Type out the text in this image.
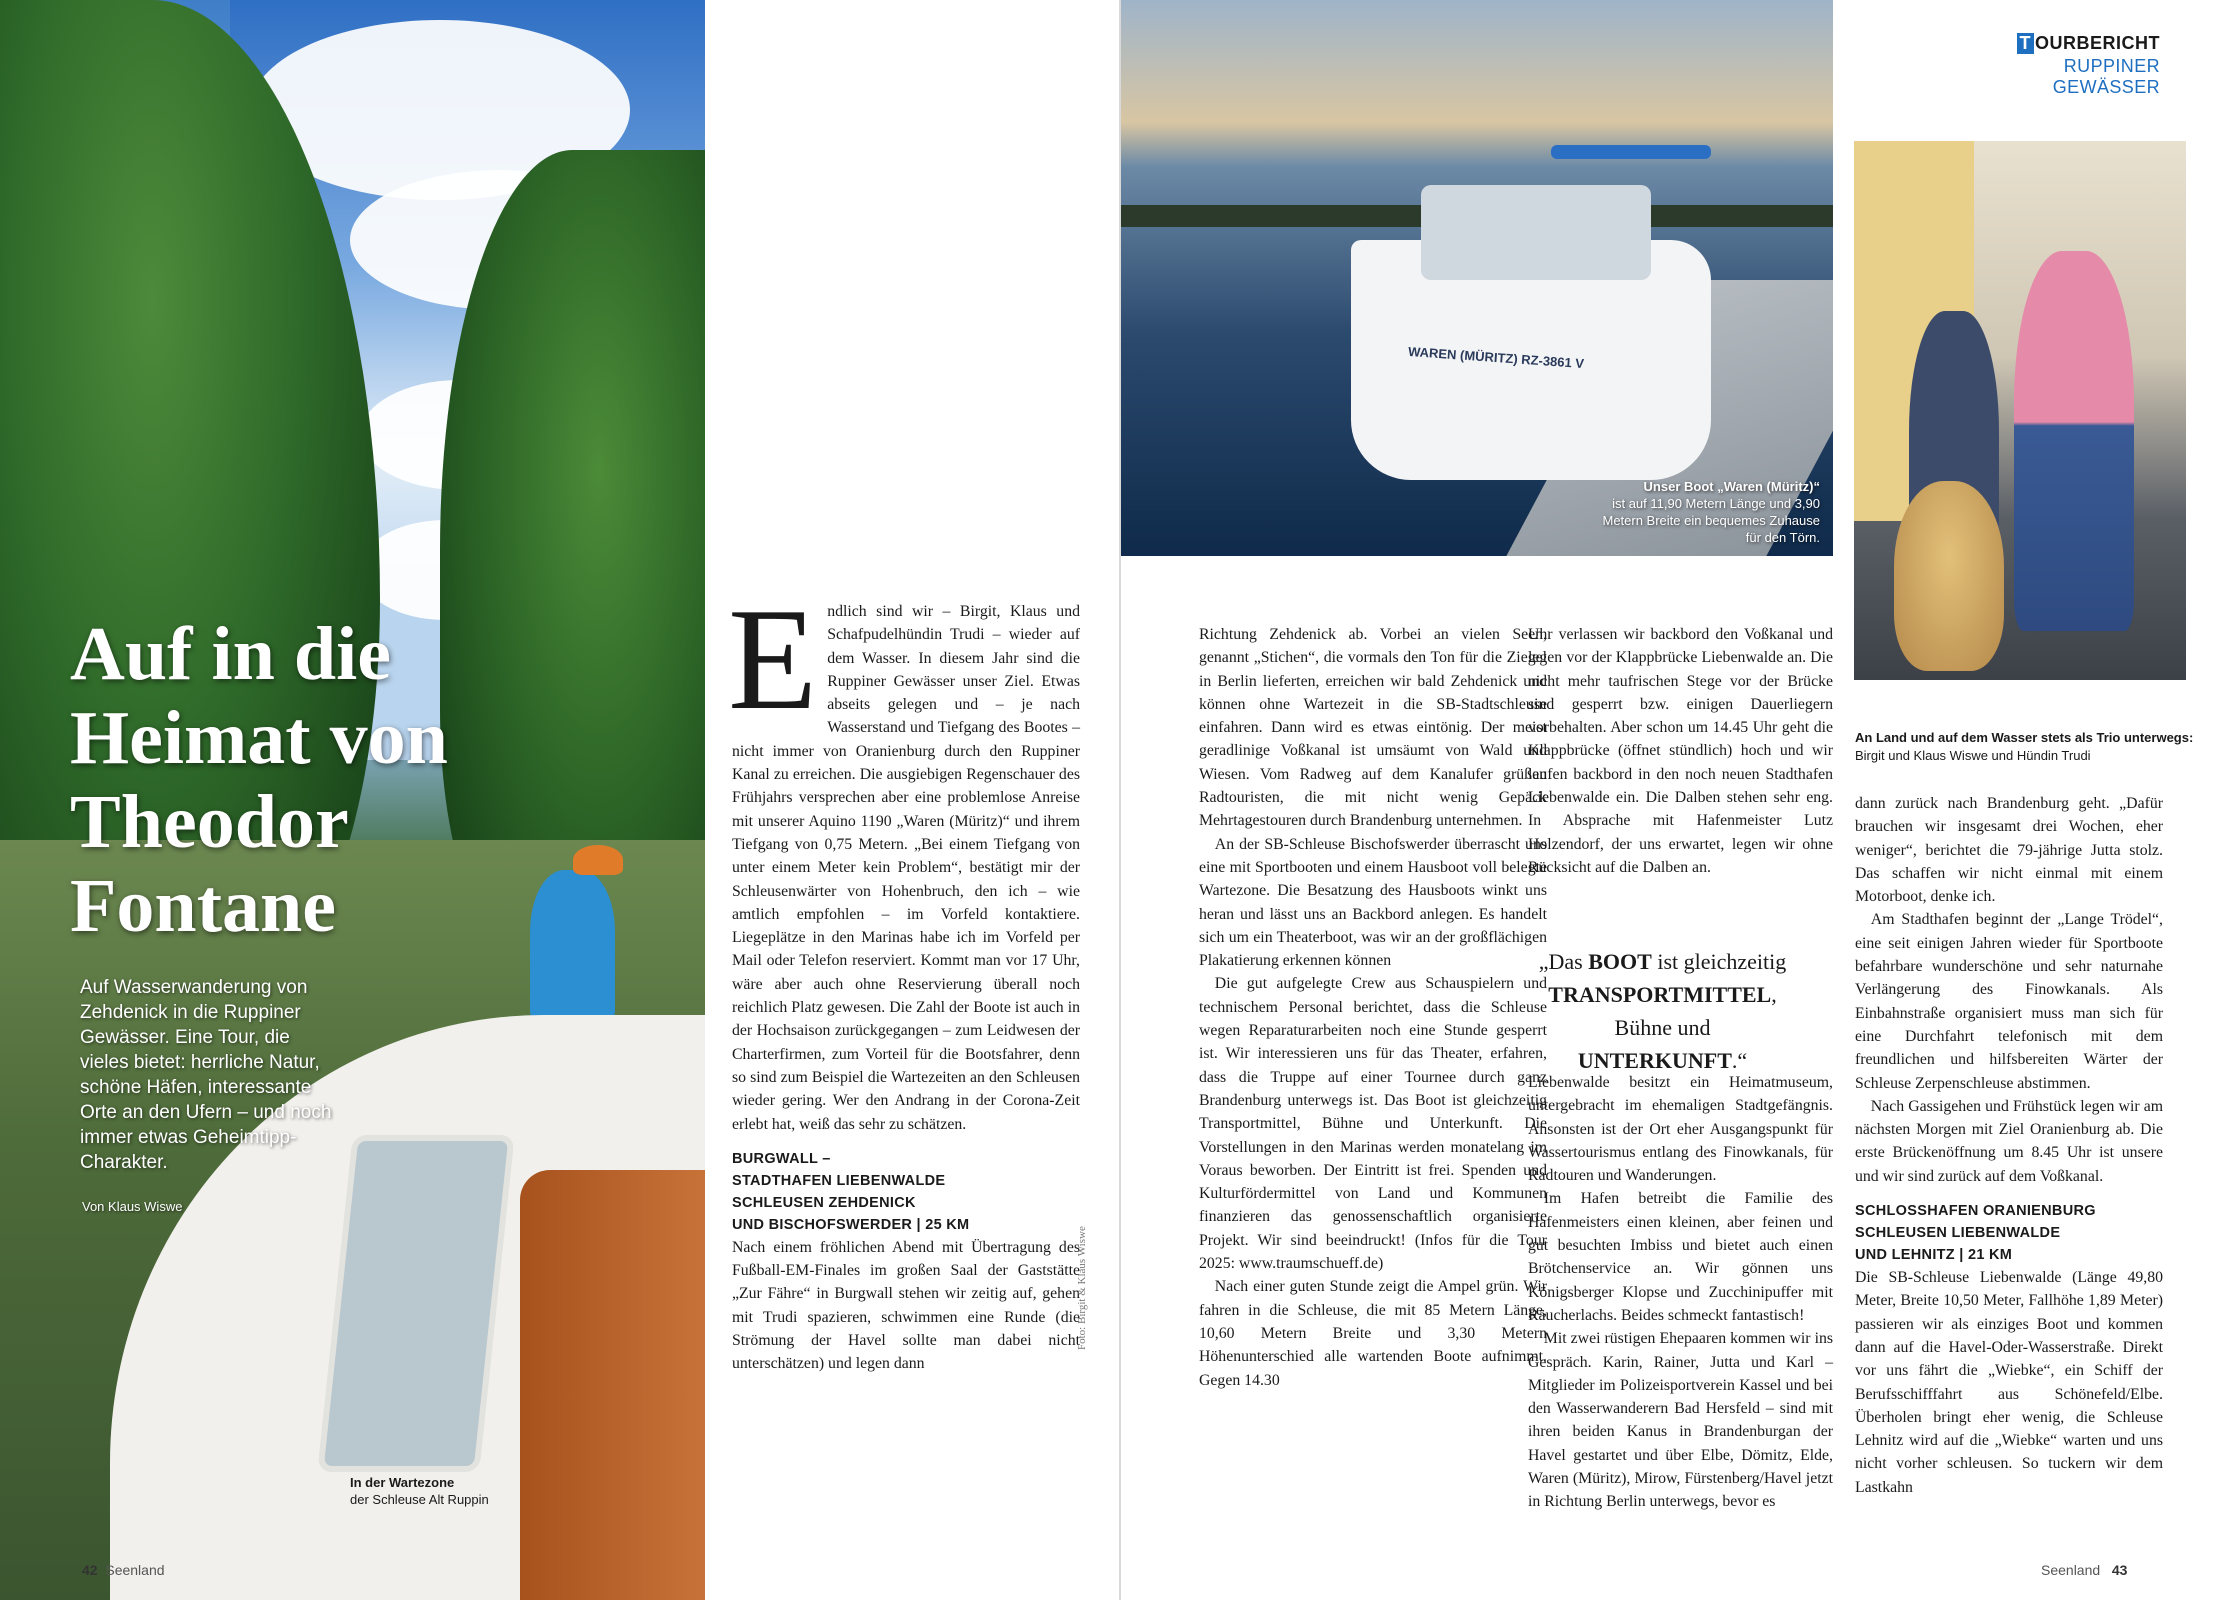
Auf in die
Heimat von
Theodor
Fontane
Auf Wasserwanderung von Zehdenick in die Ruppiner Gewässer. Eine Tour, die vieles bietet: herrliche Natur, schöne Häfen, interessante Orte an den Ufern – und noch immer etwas Geheimtipp-Charakter.
Von Klaus Wiswe
In der Wartezone
der Schleuse Alt Ruppin

Endlich sind wir – Birgit, Klaus und Schafpudelhündin Trudi – wieder auf dem Wasser. In diesem Jahr sind die Ruppiner Gewässer unser Ziel. Etwas abseits gelegen und – je nach Wasserstand und Tiefgang des Bootes – nicht immer von Oranienburg durch den Ruppiner Kanal zu erreichen. Die ausgiebigen Regenschauer des Frühjahrs versprechen aber eine problemlose Anreise mit unserer Aquino 1190 „Waren (Müritz)“ und ihrem Tiefgang von 0,75 Metern. „Bei einem Tiefgang von unter einem Meter kein Problem“, bestätigt mir der Schleusenwärter von Hohenbruch, den ich – wie amtlich empfohlen – im Vorfeld kontaktiere. Liegeplätze in den Marinas habe ich im Vorfeld per Mail oder Telefon reserviert. Kommt man vor 17 Uhr, wäre aber auch ohne Reservierung überall noch reichlich Platz gewesen. Die Zahl der Boote ist auch in der Hochsaison zurückgegangen – zum Leidwesen der Charterfirmen, zum Vorteil für die Bootsfahrer, denn so sind zum Beispiel die Wartezeiten an den Schleusen wieder gering. Wer den Andrang in der Corona-Zeit erlebt hat, weiß das sehr zu schätzen.

BURGWALL –
STADTHAFEN LIEBENWALDE
SCHLEUSEN ZEHDENICK
UND BISCHOFSWERDER | 25 KM

Nach einem fröhlichen Abend mit Übertragung des Fußball-EM-Finales im großen Saal der Gaststätte „Zur Fähre“ in Burgwall stehen wir zeitig auf, gehen mit Trudi spazieren, schwimmen eine Runde (die Strömung der Havel sollte man dabei nicht unterschätzen) und legen dann

Foto: Birgit & Klaus Wiswe
42 Seenland
WAREN (MÜRITZ) RZ-3861 V
Unser Boot „Waren (Müritz)“
ist auf 11,90 Metern Länge und 3,90 Metern Breite ein bequemes Zuhause für den Törn.
T OURBERICHT
RUPPINER GEWÄSSER
An Land und auf dem Wasser stets als Trio unterwegs:
Birgit und Klaus Wiswe und Hündin Trudi

Richtung Zehdenick ab. Vorbei an vielen Seen, genannt „Stichen“, die vormals den Ton für die Ziegel in Berlin lieferten, erreichen wir bald Zehdenick und können ohne Wartezeit in die SB-Stadtschleuse einfahren. Dann wird es etwas eintönig. Der meist geradlinige Voßkanal ist umsäumt von Wald und Wiesen. Vom Radweg auf dem Kanalufer grüßen Radtouristen, die mit nicht wenig Gepäck Mehrtagestouren durch Brandenburg unternehmen.

An der SB-Schleuse Bischofswerder überrascht uns eine mit Sportbooten und einem Hausboot voll belegte Wartezone. Die Besatzung des Hausboots winkt uns heran und lässt uns an Backbord anlegen. Es handelt sich um ein Theaterboot, was wir an der großflächigen Plakatierung erkennen können

Die gut aufgelegte Crew aus Schauspielern und technischem Personal berichtet, dass die Schleuse wegen Reparaturarbeiten noch eine Stunde gesperrt ist. Wir interessieren uns für das Theater, erfahren, dass die Truppe auf einer Tournee durch ganz Brandenburg unterwegs ist. Das Boot ist gleichzeitig Transportmittel, Bühne und Unterkunft. Die Vorstellungen in den Marinas werden monatelang im Voraus beworben. Der Eintritt ist frei. Spenden und Kulturfördermittel von Land und Kommunen finanzieren das genossenschaftlich organisierte Projekt. Wir sind beeindruckt! (Infos für die Tour 2025: www.traumschueff.de)

Nach einer guten Stunde zeigt die Ampel grün. Wir fahren in die Schleuse, die mit 85 Metern Länge, 10,60 Metern Breite und 3,30 Metern Höhenunterschied alle wartenden Boote aufnimmt. Gegen 14.30

Uhr verlassen wir backbord den Voßkanal und legen vor der Klappbrücke Liebenwalde an. Die nicht mehr taufrischen Stege vor der Brücke sind gesperrt bzw. einigen Dauerliegern vorbehalten. Aber schon um 14.45 Uhr geht die Klappbrücke (öffnet stündlich) hoch und wir laufen backbord in den noch neuen Stadthafen Liebenwalde ein. Die Dalben stehen sehr eng. In Absprache mit Hafenmeister Lutz Holzendorf, der uns erwartet, legen wir ohne Rücksicht auf die Dalben an.

„Das BOOT ist gleichzeitig
TRANSPORTMITTEL, Bühne und
UNTERKUNFT.“

Liebenwalde besitzt ein Heimatmuseum, untergebracht im ehemaligen Stadtgefängnis. Ansonsten ist der Ort eher Ausgangspunkt für Wassertourismus entlang des Finowkanals, für Radtouren und Wanderungen.

Im Hafen betreibt die Familie des Hafenmeisters einen kleinen, aber feinen und gut besuchten Imbiss und bietet auch einen Brötchenservice an. Wir gönnen uns Königsberger Klopse und Zucchinipuffer mit Räucherlachs. Beides schmeckt fantastisch!

Mit zwei rüstigen Ehepaaren kommen wir ins Gespräch. Karin, Rainer, Jutta und Karl – Mitglieder im Polizeisportverein Kassel und bei den Wasserwanderern Bad Hersfeld – sind mit ihren beiden Kanus in Brandenburgan der Havel gestartet und über Elbe, Dömitz, Elde, Waren (Müritz), Mirow, Fürstenberg/Havel jetzt in Richtung Berlin unterwegs, bevor es

dann zurück nach Brandenburg geht. „Dafür brauchen wir insgesamt drei Wochen, eher weniger“, berichtet die 79-jährige Jutta stolz. Das schaffen wir nicht einmal mit einem Motorboot, denke ich.

Am Stadthafen beginnt der „Lange Trödel“, eine seit einigen Jahren wieder für Sportboote befahrbare wunderschöne und sehr naturnahe Verlängerung des Finowkanals. Als Einbahnstraße organisiert muss man sich für eine Durchfahrt telefonisch mit dem freundlichen und hilfsbereiten Wärter der Schleuse Zerpenschleuse abstimmen.

Nach Gassigehen und Frühstück legen wir am nächsten Morgen mit Ziel Oranienburg ab. Die erste Brückenöffnung um 8.45 Uhr ist unsere und wir sind zurück auf dem Voßkanal.

SCHLOSSHAFEN ORANIENBURG
SCHLEUSEN LIEBENWALDE
UND LEHNITZ | 21 KM

Die SB-Schleuse Liebenwalde (Länge 49,80 Meter, Breite 10,50 Meter, Fallhöhe 1,89 Meter) passieren wir als einziges Boot und kommen dann auf die Havel-Oder-Wasserstraße. Direkt vor uns fährt die „Wiebke“, ein Schiff der Berufsschifffahrt aus Schönefeld/Elbe. Überholen bringt eher wenig, die Schleuse Lehnitz wird auf die „Wiebke“ warten und uns nicht vorher schleusen. So tuckern wir dem Lastkahn

Seenland 43
